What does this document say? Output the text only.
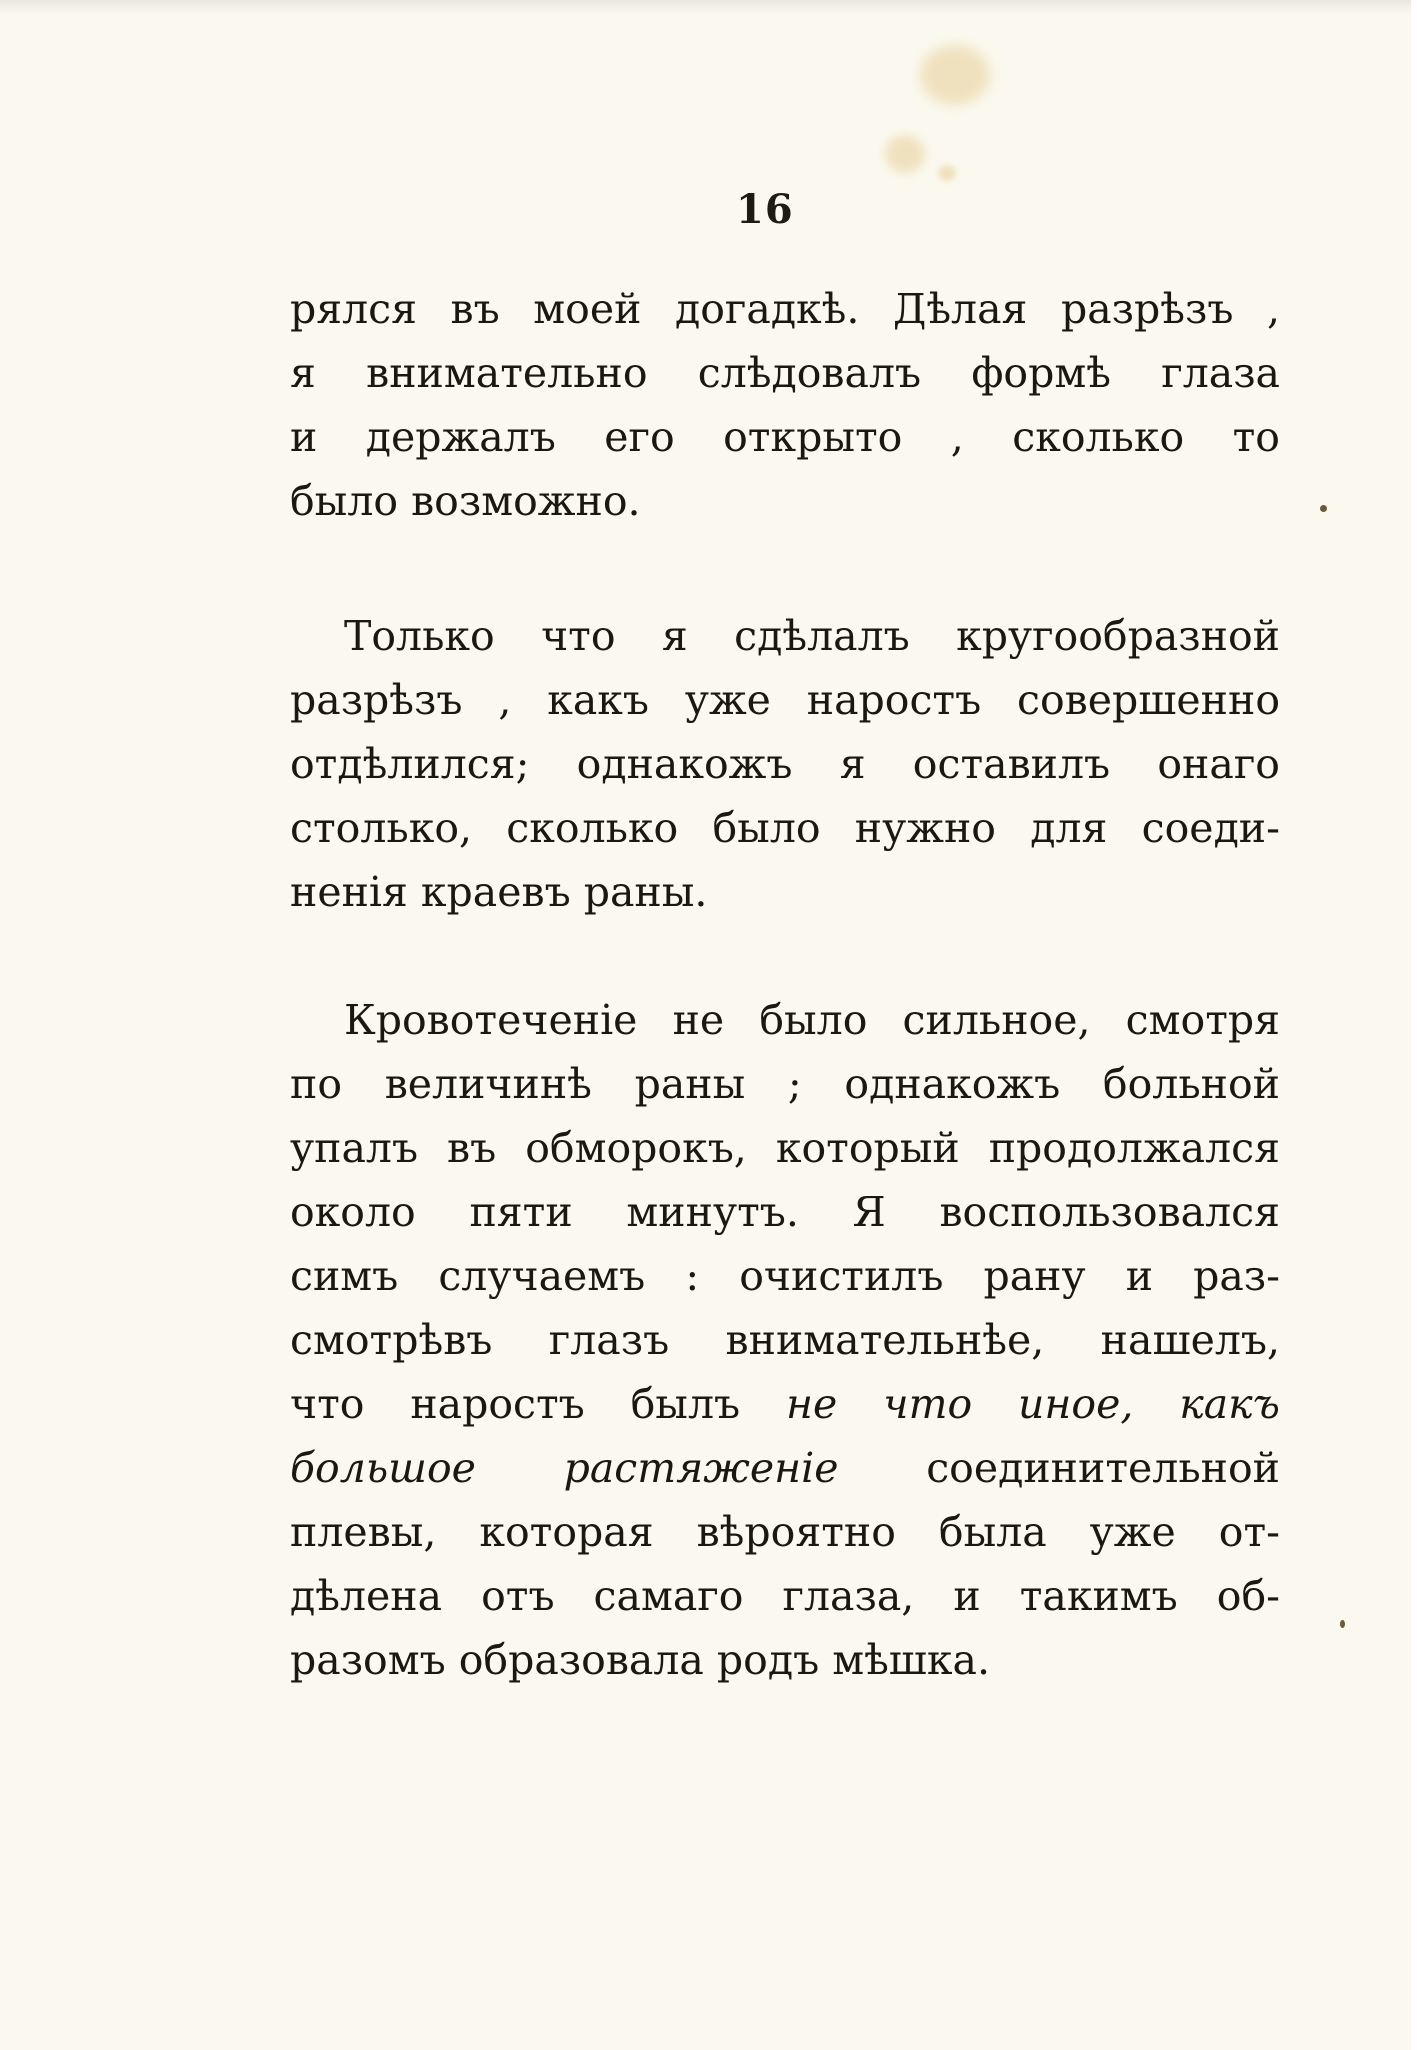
16
рялся въ моей догадкѣ. Дѣлая разрѣзъ ,
я внимательно слѣдовалъ формѣ глаза
и держалъ его открыто , сколько то
было возможно.
Только что я сдѣлалъ кругообразной
разрѣзъ , какъ уже наростъ совершенно
отдѣлился; однакожъ я оставилъ онаго
столько, сколько было нужно для соеди-
ненія краевъ раны.
Кровотеченіе не было сильное, смотря
по величинѣ раны ; однакожъ больной
упалъ въ обморокъ, который продолжался
около пяти минутъ. Я воспользовался
симъ случаемъ : очистилъ рану и раз-
смотрѣвъ глазъ внимательнѣе, нашелъ,
что наростъ былъ не что иное, какъ
большое растяженіе соединительной
плевы, которая вѣроятно была уже от-
дѣлена отъ самаго глаза, и такимъ об-
разомъ образовала родъ мѣшка.
